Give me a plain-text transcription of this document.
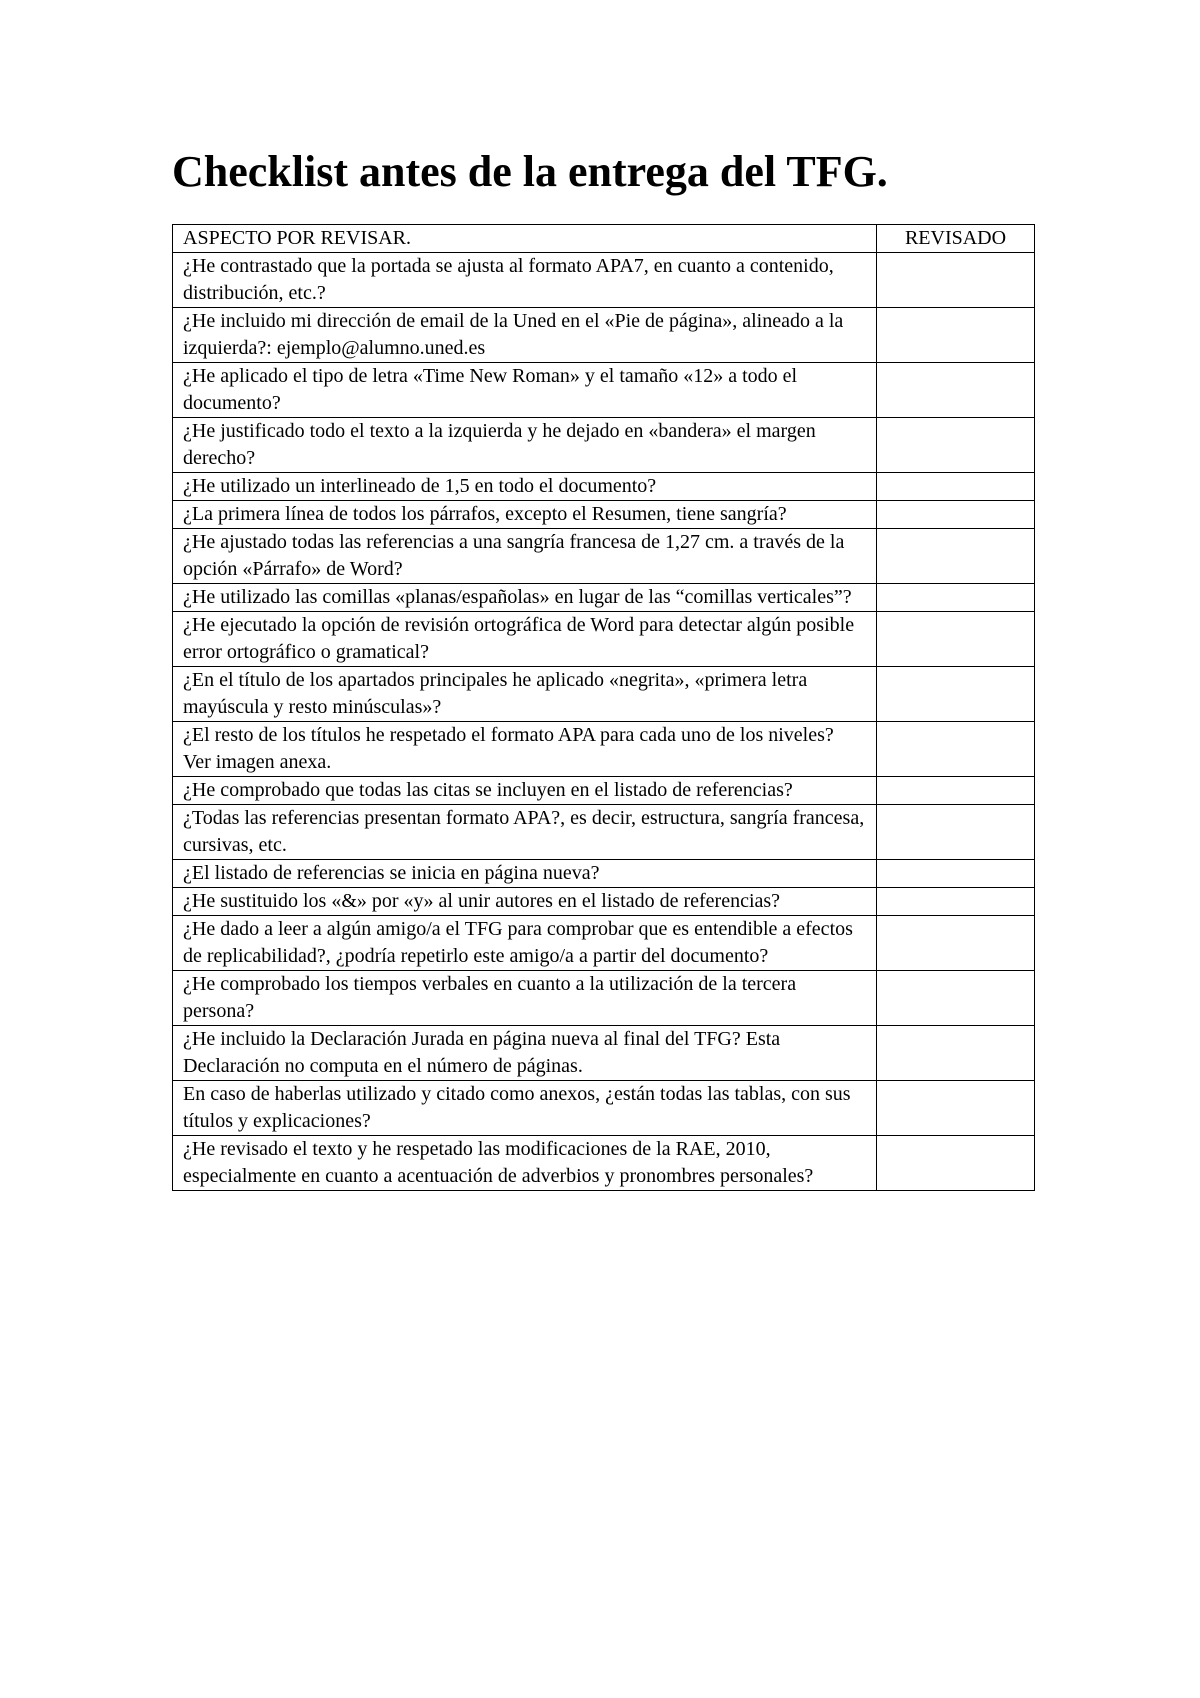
Checklist antes de la entrega del TFG.
ASPECTO POR REVISAR.	REVISADO
¿He contrastado que la portada se ajusta al formato APA7, en cuanto a contenido, distribución, etc.?	
¿He incluido mi dirección de email de la Uned en el «Pie de página», alineado a la izquierda?: ejemplo@alumno.uned.es	
¿He aplicado el tipo de letra «Time New Roman» y el tamaño «12» a todo el documento?	
¿He justificado todo el texto a la izquierda y he dejado en «bandera» el margen derecho?	
¿He utilizado un interlineado de 1,5 en todo el documento?	
¿La primera línea de todos los párrafos, excepto el Resumen, tiene sangría?	
¿He ajustado todas las referencias a una sangría francesa de 1,27 cm. a través de la opción «Párrafo» de Word?	
¿He utilizado las comillas «planas/españolas» en lugar de las “comillas verticales”?	
¿He ejecutado la opción de revisión ortográfica de Word para detectar algún posible error ortográfico o gramatical?	
¿En el título de los apartados principales he aplicado «negrita», «primera letra mayúscula y resto minúsculas»?	
¿El resto de los títulos he respetado el formato APA para cada uno de los niveles? Ver imagen anexa.	
¿He comprobado que todas las citas se incluyen en el listado de referencias?	
¿Todas las referencias presentan formato APA?, es decir, estructura, sangría francesa, cursivas, etc.	
¿El listado de referencias se inicia en página nueva?	
¿He sustituido los «&» por «y» al unir autores en el listado de referencias?	
¿He dado a leer a algún amigo/a el TFG para comprobar que es entendible a efectos de replicabilidad?, ¿podría repetirlo este amigo/a a partir del documento?	
¿He comprobado los tiempos verbales en cuanto a la utilización de la tercera persona?	
¿He incluido la Declaración Jurada en página nueva al final del TFG? Esta Declaración no computa en el número de páginas.	
En caso de haberlas utilizado y citado como anexos, ¿están todas las tablas, con sus títulos y explicaciones?	
¿He revisado el texto y he respetado las modificaciones de la RAE, 2010, especialmente en cuanto a acentuación de adverbios y pronombres personales?	
